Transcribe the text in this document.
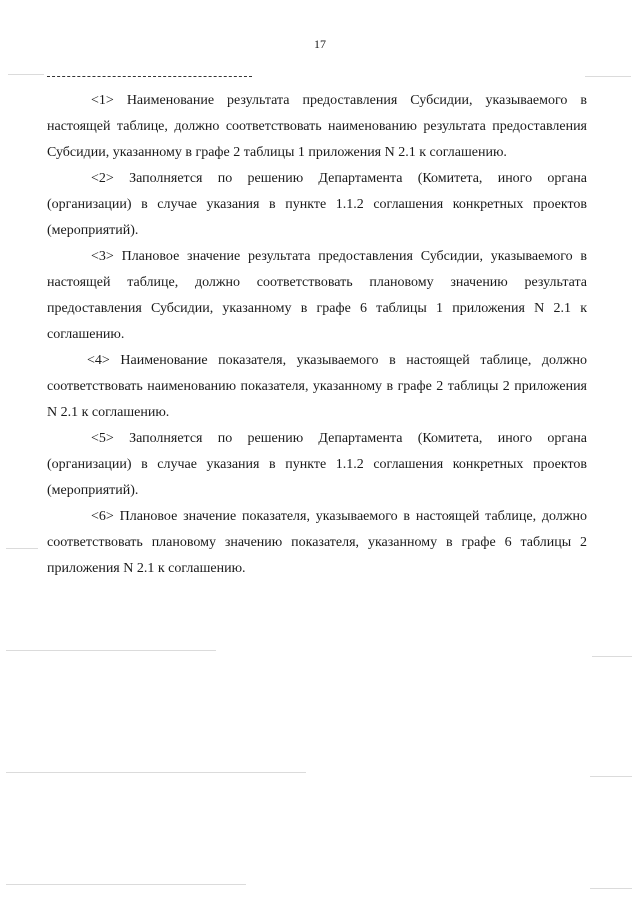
17

<1> Наименование результата предоставления Субсидии, указываемого в настоящей таблице, должно соответствовать наименованию результата предоставления Субсидии, указанному в графе 2 таблицы 1 приложения N 2.1 к соглашению.

<2> Заполняется по решению Департамента (Комитета, иного органа (организации) в случае указания в пункте 1.1.2 соглашения конкретных проектов (мероприятий).

<3> Плановое значение результата предоставления Субсидии, указываемого в настоящей таблице, должно соответствовать плановому значению результата предоставления Субсидии, указанному в графе 6 таблицы 1 приложения N 2.1 к соглашению.

<4> Наименование показателя, указываемого в настоящей таблице, должно соответствовать наименованию показателя, указанному в графе 2 таблицы 2 приложения N 2.1 к соглашению.

<5> Заполняется по решению Департамента (Комитета, иного органа (организации) в случае указания в пункте 1.1.2 соглашения конкретных проектов (мероприятий).

<6> Плановое значение показателя, указываемого в настоящей таблице, должно соответствовать плановому значению показателя, указанному в графе 6 таблицы 2 приложения N 2.1 к соглашению.
